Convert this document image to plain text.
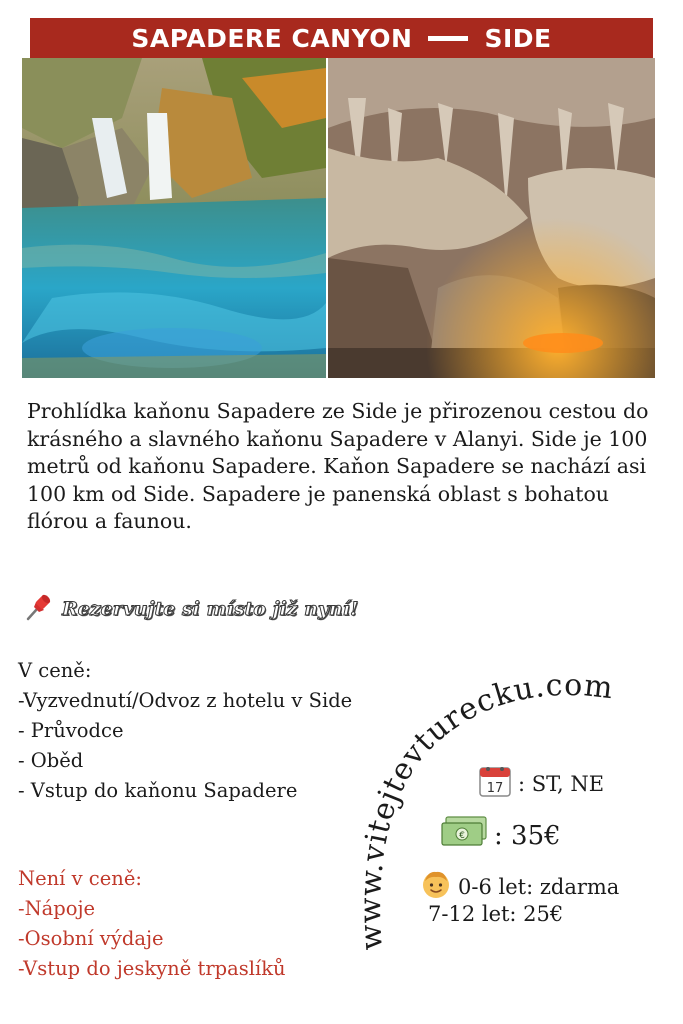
SAPADERE CANYON	SIDE
Prohlídka kaňonu Sapadere ze Side je přirozenou cestou do krásného a slavného kaňonu Sapadere v Alanyi. Side je 100 metrů od kaňonu Sapadere. Kaňon Sapadere se nachází asi 100 km od Side. Sapadere je panenská oblast s bohatou flórou a faunou.
Rezervujte si místo již nyní!
V ceně:
-Vyzvednutí/Odvoz z hotelu v Side
- Průvodce
- Oběd
- Vstup do kaňonu Sapadere
Není v ceně:
-Nápoje
-Osobní výdaje
-Vstup do jeskyně trpaslíků
www.vitejtevturecku.com
17 : ST, NE
€ : 35€
0-6 let: zdarma
7-12 let: 25€
